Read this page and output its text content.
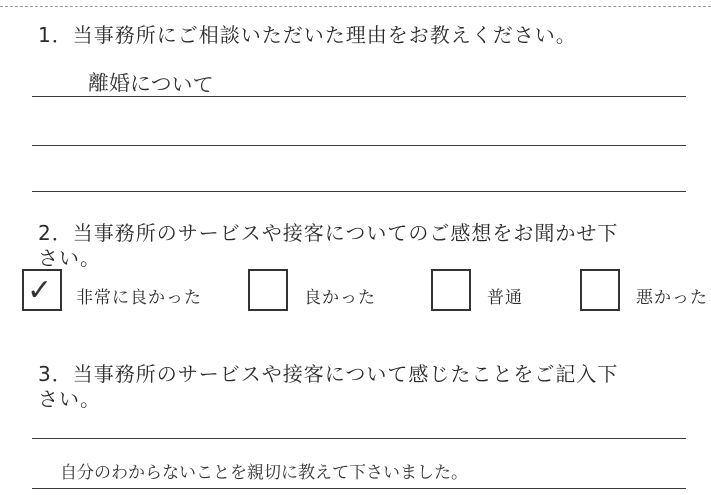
1．当事務所にご相談いただいた理由をお教えください。
離婚について
2．当事務所のサービスや接客についてのご感想をお聞かせ下
さい。
✓ 非常に良かった	良かった	普通	悪かった
3．当事務所のサービスや接客について感じたことをご記入下
さい。
自分のわからないことを親切に教えて下さいました。
